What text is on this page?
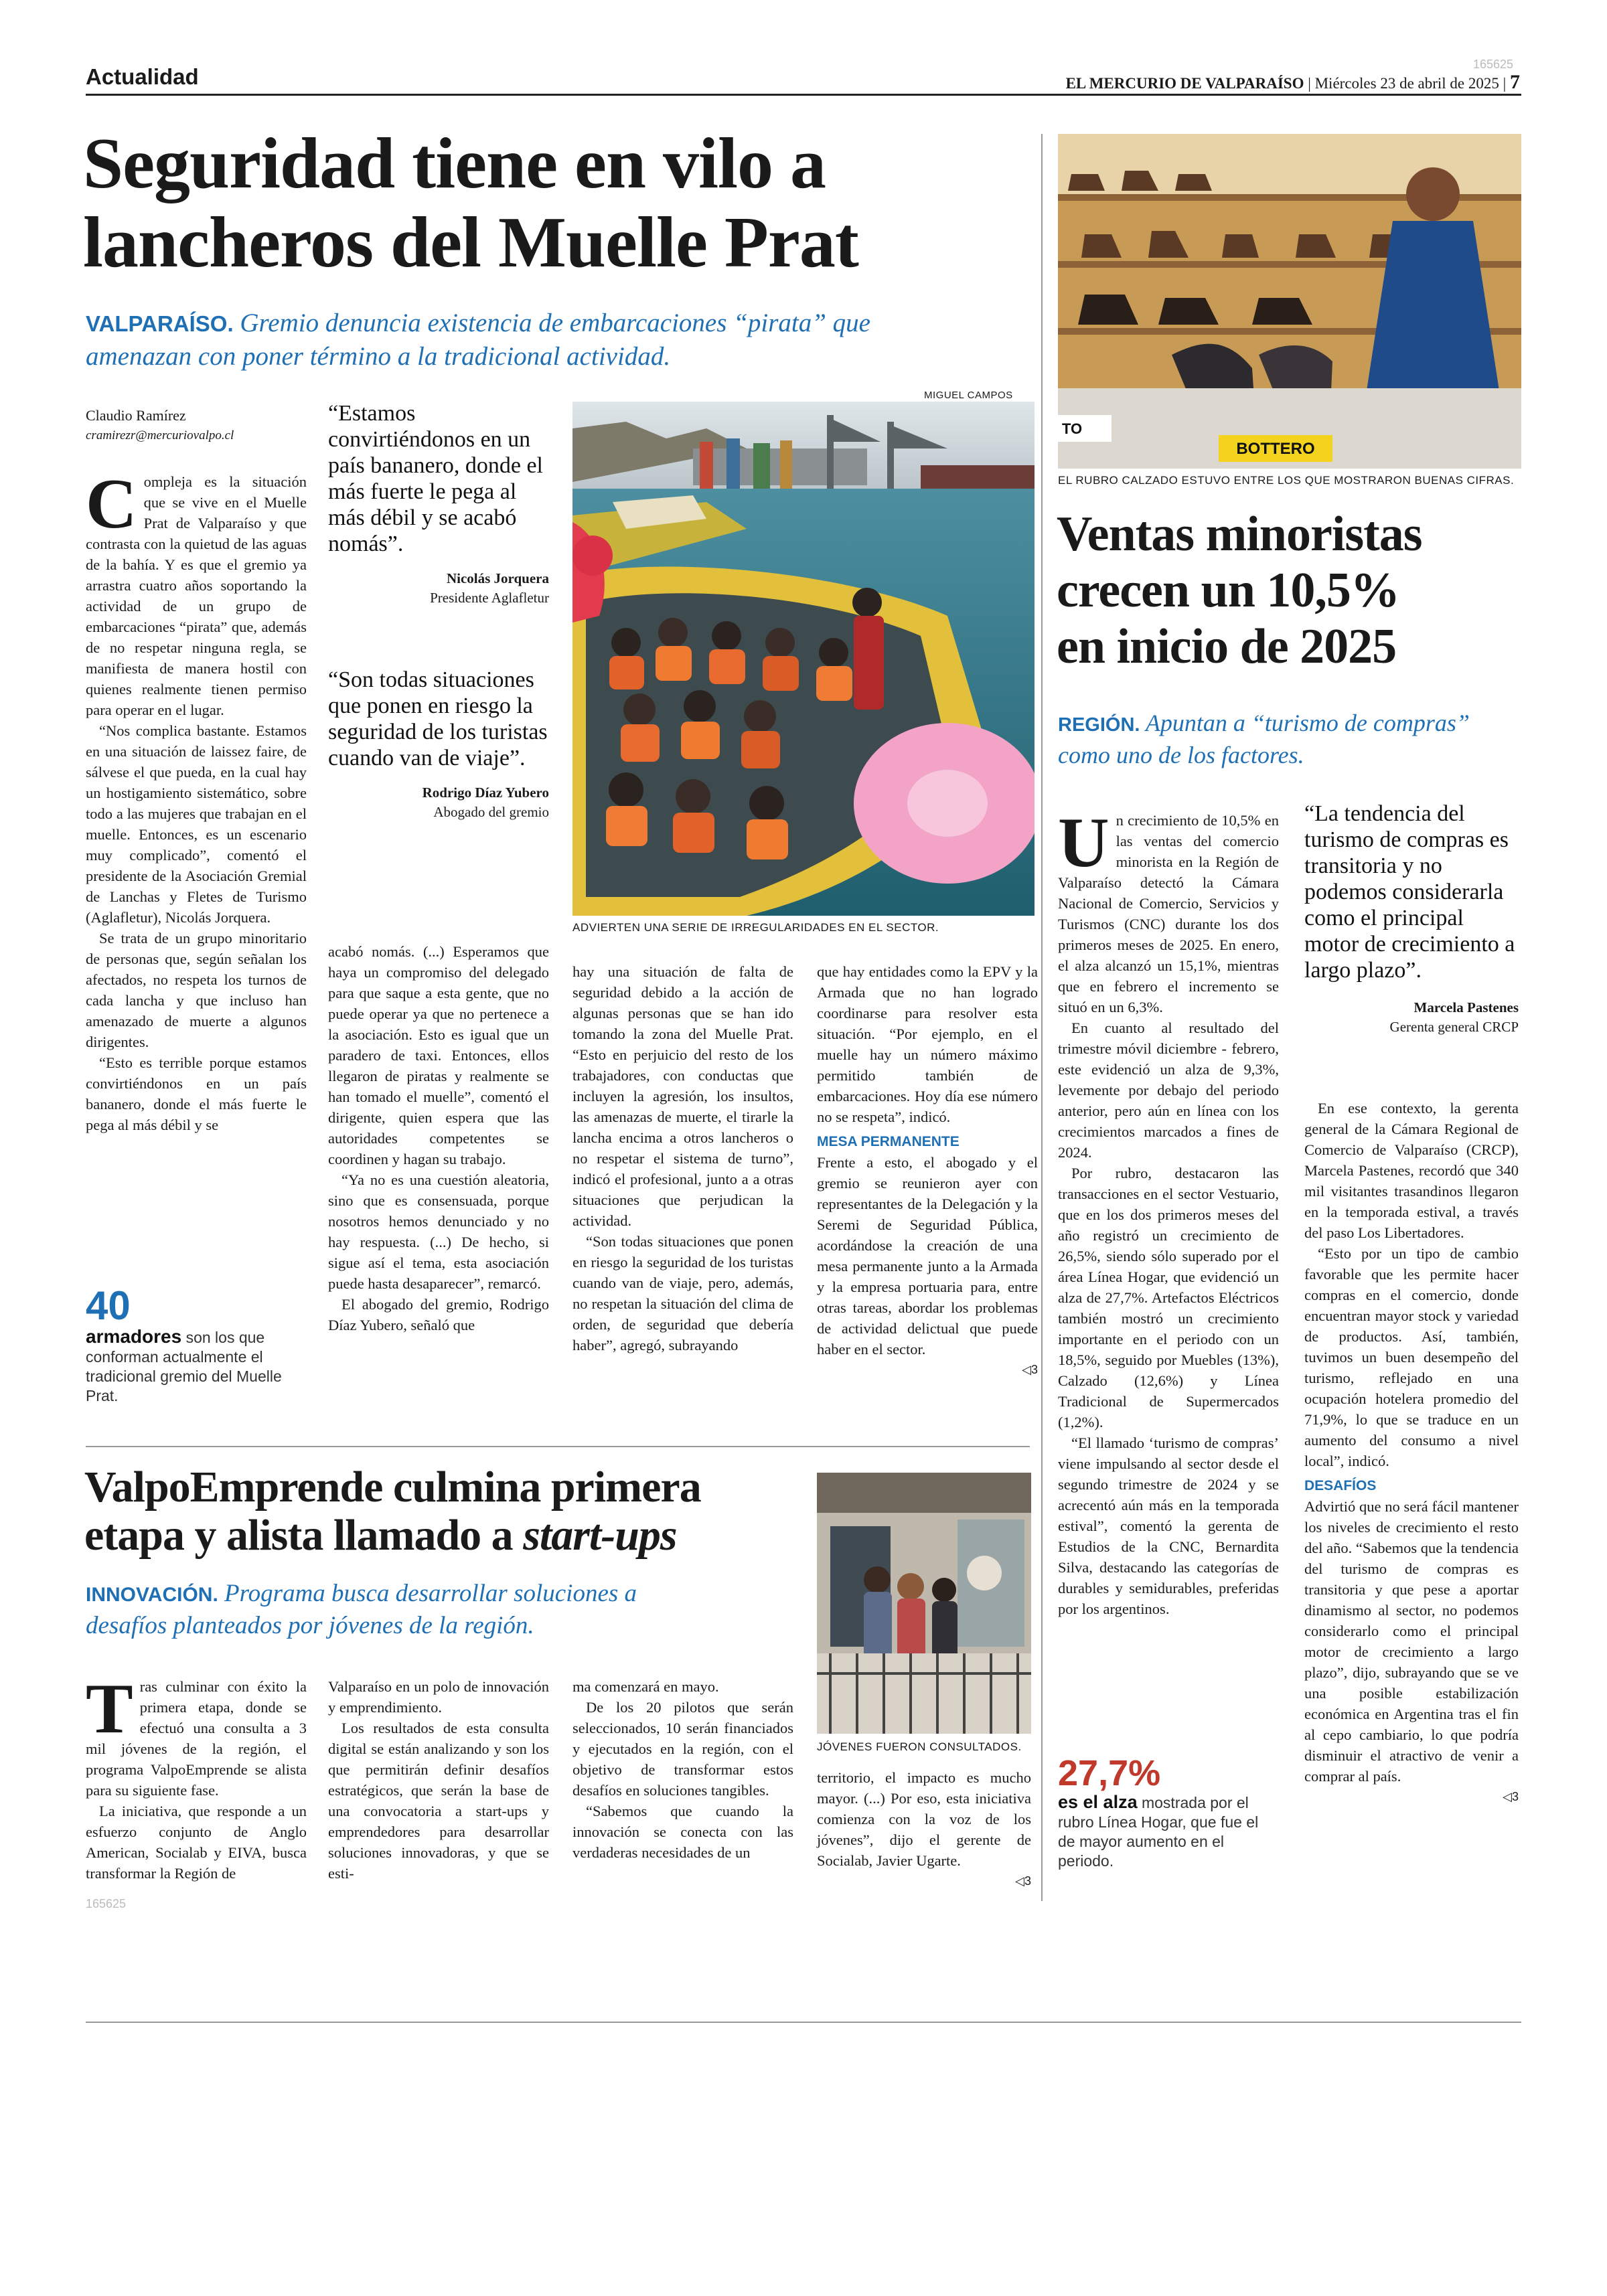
Actualidad	EL MERCURIO DE VALPARAÍSO | Miércoles 23 de abril de 2025 | 7
165625
Seguridad tiene en vilo a
lancheros del Muelle Prat
VALPARAÍSO. Gremio denuncia existencia de embarcaciones “pirata” que
amenazan con poner término a la tradicional actividad.
Claudio Ramírez
cramirezr@mercuriovalpo.cl

Compleja es la situación que se vive en el Muelle Prat de Valparaíso y que contrasta con la quietud de las aguas de la bahía. Y es que el gremio ya arrastra cuatro años soportando la actividad de un grupo de embarcaciones “pirata” que, además de no respetar ninguna regla, se manifiesta de manera hostil con quienes realmente tienen permiso para operar en el lugar.

“Nos complica bastante. Estamos en una situación de laissez faire, de sálvese el que pueda, en la cual hay un hostigamiento sistemático, sobre todo a las mujeres que trabajan en el muelle. Entonces, es un escenario muy complicado”, comentó el presidente de la Asociación Gremial de Lanchas y Fletes de Turismo (Aglafletur), Nicolás Jorquera.

Se trata de un grupo minoritario de personas que, según señalan los afectados, no respeta los turnos de cada lancha y que incluso han amenazado de muerte a algunos dirigentes.

“Esto es terrible porque estamos convirtiéndonos en un país bananero, donde el más fuerte le pega al más débil y se

40
armadores son los que conforman actualmente el tradicional gremio del Muelle Prat.
“Estamos convirtiéndonos en un país bananero, donde el más fuerte le pega al más débil y se acabó nomás”.
Nicolás Jorquera
Presidente Aglafletur
“Son todas situaciones que ponen en riesgo la seguridad de los turistas cuando van de viaje”.
Rodrigo Díaz Yubero
Abogado del gremio
MIGUEL CAMPOS
ADVIERTEN UNA SERIE DE IRREGULARIDADES EN EL SECTOR.

acabó nomás. (...) Esperamos que haya un compromiso del delegado para que saque a esta gente, que no puede operar ya que no pertenece a la asociación. Esto es igual que un paradero de taxi. Entonces, ellos llegaron de piratas y realmente se han tomado el muelle”, comentó el dirigente, quien espera que las autoridades competentes se coordinen y hagan su trabajo.

“Ya no es una cuestión aleatoria, sino que es consensuada, porque nosotros hemos denunciado y no hay respuesta. (...) De hecho, si sigue así el tema, esta asociación puede hasta desaparecer”, remarcó.

El abogado del gremio, Rodrigo Díaz Yubero, señaló que

hay una situación de falta de seguridad debido a la acción de algunas personas que se han ido tomando la zona del Muelle Prat. “Esto en perjuicio del resto de los trabajadores, con conductas que incluyen la agresión, los insultos, las amenazas de muerte, el tirarle la lancha encima a otros lancheros o no respetar el sistema de turno”, indicó el profesional, junto a a otras situaciones que perjudican la actividad.

“Son todas situaciones que ponen en riesgo la seguridad de los turistas cuando van de viaje, pero, además, no respetan la situación del clima de orden, de seguridad que debería haber”, agregó, subrayando

que hay entidades como la EPV y la Armada que no han logrado coordinarse para resolver esta situación. “Por ejemplo, en el muelle hay un número máximo permitido también de embarcaciones. Hoy día ese número no se respeta”, indicó.

MESA PERMANENTE

Frente a esto, el abogado y el gremio se reunieron ayer con representantes de la Delegación y la Seremi de Seguridad Pública, acordándose la creación de una mesa permanente junto a la Armada y la empresa portuaria para, entre otras tareas, abordar los problemas de actividad delictual que puede haber en el sector.

◁3
TO
BOTTERO
EL RUBRO CALZADO ESTUVO ENTRE LOS QUE MOSTRARON BUENAS CIFRAS.
Ventas minoristas
crecen un 10,5%
en inicio de 2025
REGIÓN. Apuntan a “turismo de compras”
como uno de los factores.

Un crecimiento de 10,5% en las ventas del comercio minorista en la Región de Valparaíso detectó la Cámara Nacional de Comercio, Servicios y Turismos (CNC) durante los dos primeros meses de 2025. En enero, el alza alcanzó un 15,1%, mientras que en febrero el incremento se situó en un 6,3%.

En cuanto al resultado del trimestre móvil diciembre - febrero, este evidenció un alza de 9,3%, levemente por debajo del periodo anterior, pero aún en línea con los crecimientos marcados a fines de 2024.

Por rubro, destacaron las transacciones en el sector Vestuario, que en los dos primeros meses del año registró un crecimiento de 26,5%, siendo sólo superado por el área Línea Hogar, que evidenció un alza de 27,7%. Artefactos Eléctricos también mostró un crecimiento importante en el periodo con un 18,5%, seguido por Muebles (13%), Calzado (12,6%) y Línea Tradicional de Supermercados (1,2%).

“El llamado ‘turismo de compras’ viene impulsando al sector desde el segundo trimestre de 2024 y se acrecentó aún más en la temporada estival”, comentó la gerenta de Estudios de la CNC, Bernardita Silva, destacando las categorías de durables y semidurables, preferidas por los argentinos.

27,7%
es el alza mostrada por el rubro Línea Hogar, que fue el de mayor aumento en el periodo.
“La tendencia del turismo de compras es transitoria y no podemos considerarla como el principal motor de crecimiento a largo plazo”.
Marcela Pastenes
Gerenta general CRCP

En ese contexto, la gerenta general de la Cámara Regional de Comercio de Valparaíso (CRCP), Marcela Pastenes, recordó que 340 mil visitantes trasandinos llegaron en la temporada estival, a través del paso Los Libertadores.

“Esto por un tipo de cambio favorable que les permite hacer compras en el comercio, donde encuentran mayor stock y variedad de productos. Así, también, tuvimos un buen desempeño del turismo, reflejado en una ocupación hotelera promedio del 71,9%, lo que se traduce en un aumento del consumo a nivel local”, indicó.

DESAFÍOS

Advirtió que no será fácil mantener los niveles de crecimiento el resto del año. “Sabemos que la tendencia del turismo de compras es transitoria y que pese a aportar dinamismo al sector, no podemos considerarlo como el principal motor de crecimiento a largo plazo”, dijo, subrayando que se ve una posible estabilización económica en Argentina tras el fin al cepo cambiario, lo que podría disminuir el atractivo de venir a comprar al país.

◁3
ValpoEmprende culmina primera
etapa y alista llamado a start-ups
INNOVACIÓN. Programa busca desarrollar soluciones a
desafíos planteados por jóvenes de la región.
JÓVENES FUERON CONSULTADOS.

Tras culminar con éxito la primera etapa, donde se efectuó una consulta a 3 mil jóvenes de la región, el programa ValpoEmprende se alista para su siguiente fase.

La iniciativa, que responde a un esfuerzo conjunto de Anglo American, Socialab y EIVA, busca transformar la Región de

165625

Valparaíso en un polo de innovación y emprendimiento.

Los resultados de esta consulta digital se están analizando y son los que permitirán definir desafíos estratégicos, que serán la base de una convocatoria a start-ups y emprendedores para desarrollar soluciones innovadoras, y que se esti-

ma comenzará en mayo.

De los 20 pilotos que serán seleccionados, 10 serán financiados y ejecutados en la región, con el objetivo de transformar estos desafíos en soluciones tangibles.

“Sabemos que cuando la innovación se conecta con las verdaderas necesidades de un

territorio, el impacto es mucho mayor. (...) Por eso, esta iniciativa comienza con la voz de los jóvenes”, dijo el gerente de Socialab, Javier Ugarte.

◁3
